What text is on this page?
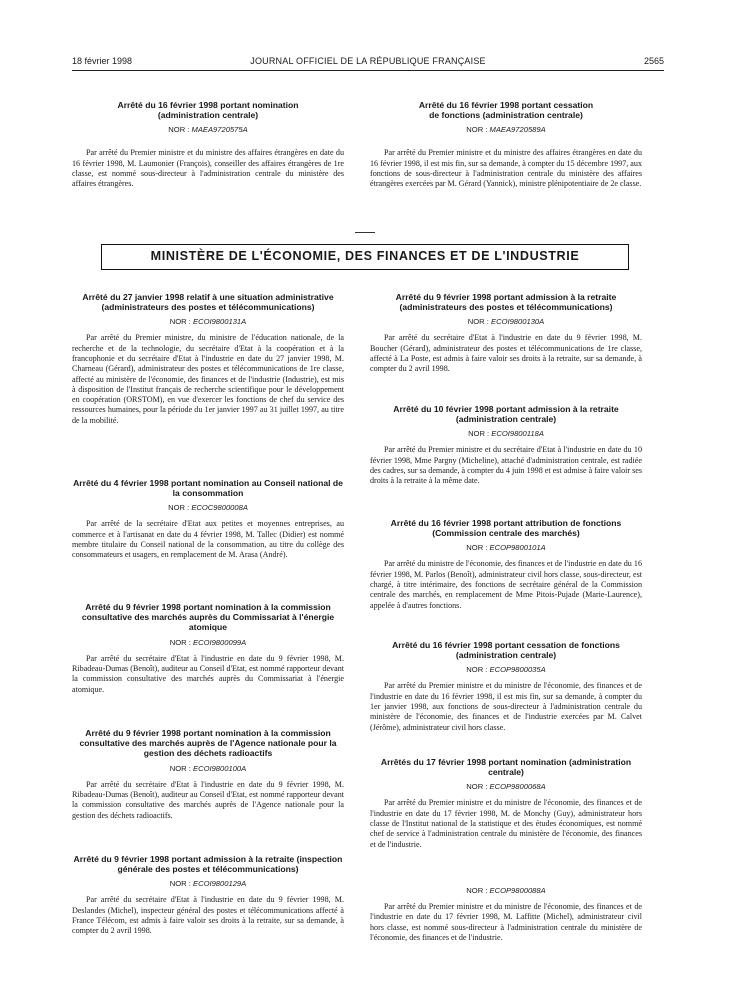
18 février 1998	JOURNAL OFFICIEL DE LA RÉPUBLIQUE FRANÇAISE	2565

Arrêté du 16 février 1998 portant nomination
(administration centrale)

NOR : MAEA9720575A

Par arrêté du Premier ministre et du ministre des affaires étrangères en date du 16 février 1998, M. Laumonier (François), conseiller des affaires étrangères de 1re classe, est nommé sous-directeur à l'administration centrale du ministère des affaires étrangères.

Arrêté du 16 février 1998 portant cessation
de fonctions (administration centrale)

NOR : MAEA9720589A

Par arrêté du Premier ministre et du ministre des affaires étrangères en date du 16 février 1998, il est mis fin, sur sa demande, à compter du 15 décembre 1997, aux fonctions de sous-directeur à l'administration centrale du ministère des affaires étrangères exercées par M. Gérard (Yannick), ministre plénipotentiaire de 2e classe.

MINISTÈRE DE L'ÉCONOMIE, DES FINANCES ET DE L'INDUSTRIE

Arrêté du 27 janvier 1998 relatif à une situation administrative (administrateurs des postes et télécommunications)

NOR : ECOI9800131A

Par arrêté du Premier ministre, du ministre de l'éducation nationale, de la recherche et de la technologie, du secrétaire d'Etat à la coopération et à la francophonie et du secrétaire d'Etat à l'industrie en date du 27 janvier 1998, M. Charneau (Gérard), administrateur des postes et télécommunications de 1re classe, affecté au ministère de l'économie, des finances et de l'industrie (Industrie), est mis à disposition de l'Institut français de recherche scientifique pour le développement en coopération (ORSTOM), en vue d'exercer les fonctions de chef du service des ressources humaines, pour la période du 1er janvier 1997 au 31 juillet 1997, au titre de la mobilité.

Arrêté du 4 février 1998 portant nomination au Conseil national de la consommation

NOR : ECOC9800008A

Par arrêté de la secrétaire d'Etat aux petites et moyennes entreprises, au commerce et à l'artisanat en date du 4 février 1998, M. Tallec (Didier) est nommé membre titulaire du Conseil national de la consommation, au titre du collège des consommateurs et usagers, en remplacement de M. Arasa (André).

Arrêté du 9 février 1998 portant nomination à la commission consultative des marchés auprès du Commissariat à l'énergie atomique

NOR : ECOI9800099A

Par arrêté du secrétaire d'Etat à l'industrie en date du 9 février 1998, M. Ribadeau-Dumas (Benoît), auditeur au Conseil d'Etat, est nommé rapporteur devant la commission consultative des marchés auprès du Commissariat à l'énergie atomique.

Arrêté du 9 février 1998 portant nomination à la commission consultative des marchés auprès de l'Agence nationale pour la gestion des déchets radioactifs

NOR : ECOI9800100A

Par arrêté du secrétaire d'Etat à l'industrie en date du 9 février 1998, M. Ribadeau-Dumas (Benoît), auditeur au Conseil d'Etat, est nommé rapporteur devant la commission consultative des marchés auprès de l'Agence nationale pour la gestion des déchets radioactifs.

Arrêté du 9 février 1998 portant admission à la retraite (inspection générale des postes et télécommunications)

NOR : ECOI9800129A

Par arrêté du secrétaire d'Etat à l'industrie en date du 9 février 1998, M. Deslandes (Michel), inspecteur général des postes et télécommunications affecté à France Télécom, est admis à faire valoir ses droits à la retraite, sur sa demande, à compter du 2 avril 1998.

Arrêté du 9 février 1998 portant admission à la retraite (administrateurs des postes et télécommunications)

NOR : ECOI9800130A

Par arrêté du secrétaire d'Etat à l'industrie en date du 9 février 1998, M. Boucher (Gérard), administrateur des postes et télécommunications de 1re classe, affecté à La Poste, est admis à faire valoir ses droits à la retraite, sur sa demande, à compter du 2 avril 1998.

Arrêté du 10 février 1998 portant admission à la retraite (administration centrale)

NOR : ECOI9800118A

Par arrêté du Premier ministre et du secrétaire d'Etat à l'industrie en date du 10 février 1998, Mme Pargny (Micheline), attaché d'administration centrale, est radiée des cadres, sur sa demande, à compter du 4 juin 1998 et est admise à faire valoir ses droits à la retraite à la même date.

Arrêté du 16 février 1998 portant attribution de fonctions (Commission centrale des marchés)

NOR : ECOP9800101A

Par arrêté du ministre de l'économie, des finances et de l'industrie en date du 16 février 1998, M. Parlos (Benoît), administrateur civil hors classe, sous-directeur, est chargé, à titre intérimaire, des fonctions de secrétaire général de la Commission centrale des marchés, en remplacement de Mme Pitois-Pujade (Marie-Laurence), appelée à d'autres fonctions.

Arrêté du 16 février 1998 portant cessation de fonctions (administration centrale)

NOR : ECOP9800035A

Par arrêté du Premier ministre et du ministre de l'économie, des finances et de l'industrie en date du 16 février 1998, il est mis fin, sur sa demande, à compter du 1er janvier 1998, aux fonctions de sous-directeur à l'administration centrale du ministère de l'économie, des finances et de l'industrie exercées par M. Calvet (Jérôme), administrateur civil hors classe.

Arrêtés du 17 février 1998 portant nomination (administration centrale)

NOR : ECOP9800068A

Par arrêté du Premier ministre et du ministre de l'économie, des finances et de l'industrie en date du 17 février 1998, M. de Monchy (Guy), administrateur hors classe de l'Institut national de la statistique et des études économiques, est nommé chef de service à l'administration centrale du ministère de l'économie, des finances et de l'industrie.

NOR : ECOP9800088A

Par arrêté du Premier ministre et du ministre de l'économie, des finances et de l'industrie en date du 17 février 1998, M. Laffitte (Michel), administrateur civil hors classe, est nommé sous-directeur à l'administration centrale du ministère de l'économie, des finances et de l'industrie.
